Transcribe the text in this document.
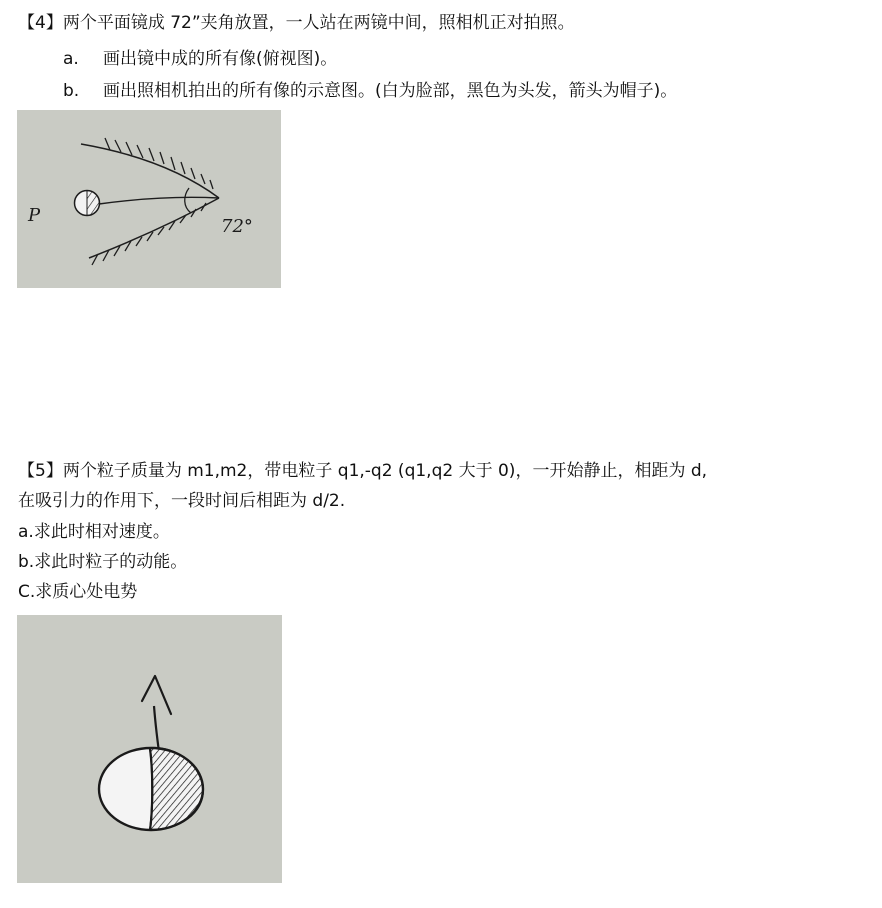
【4】两个平面镜成 72”夹角放置，一人站在两镜中间，照相机正对拍照。
a. 画出镜中成的所有像(俯视图)。
b. 画出照相机拍出的所有像的示意图。(白为脸部，黑色为头发，箭头为帽子)。
P
72°
【5】两个粒子质量为 m1,m2，带电粒子 q1,-q2 (q1,q2 大于 0)，一开始静止，相距为 d,
在吸引力的作用下，一段时间后相距为 d/2.
a.求此时相对速度。
b.求此时粒子的动能。
C.求质心处电势
